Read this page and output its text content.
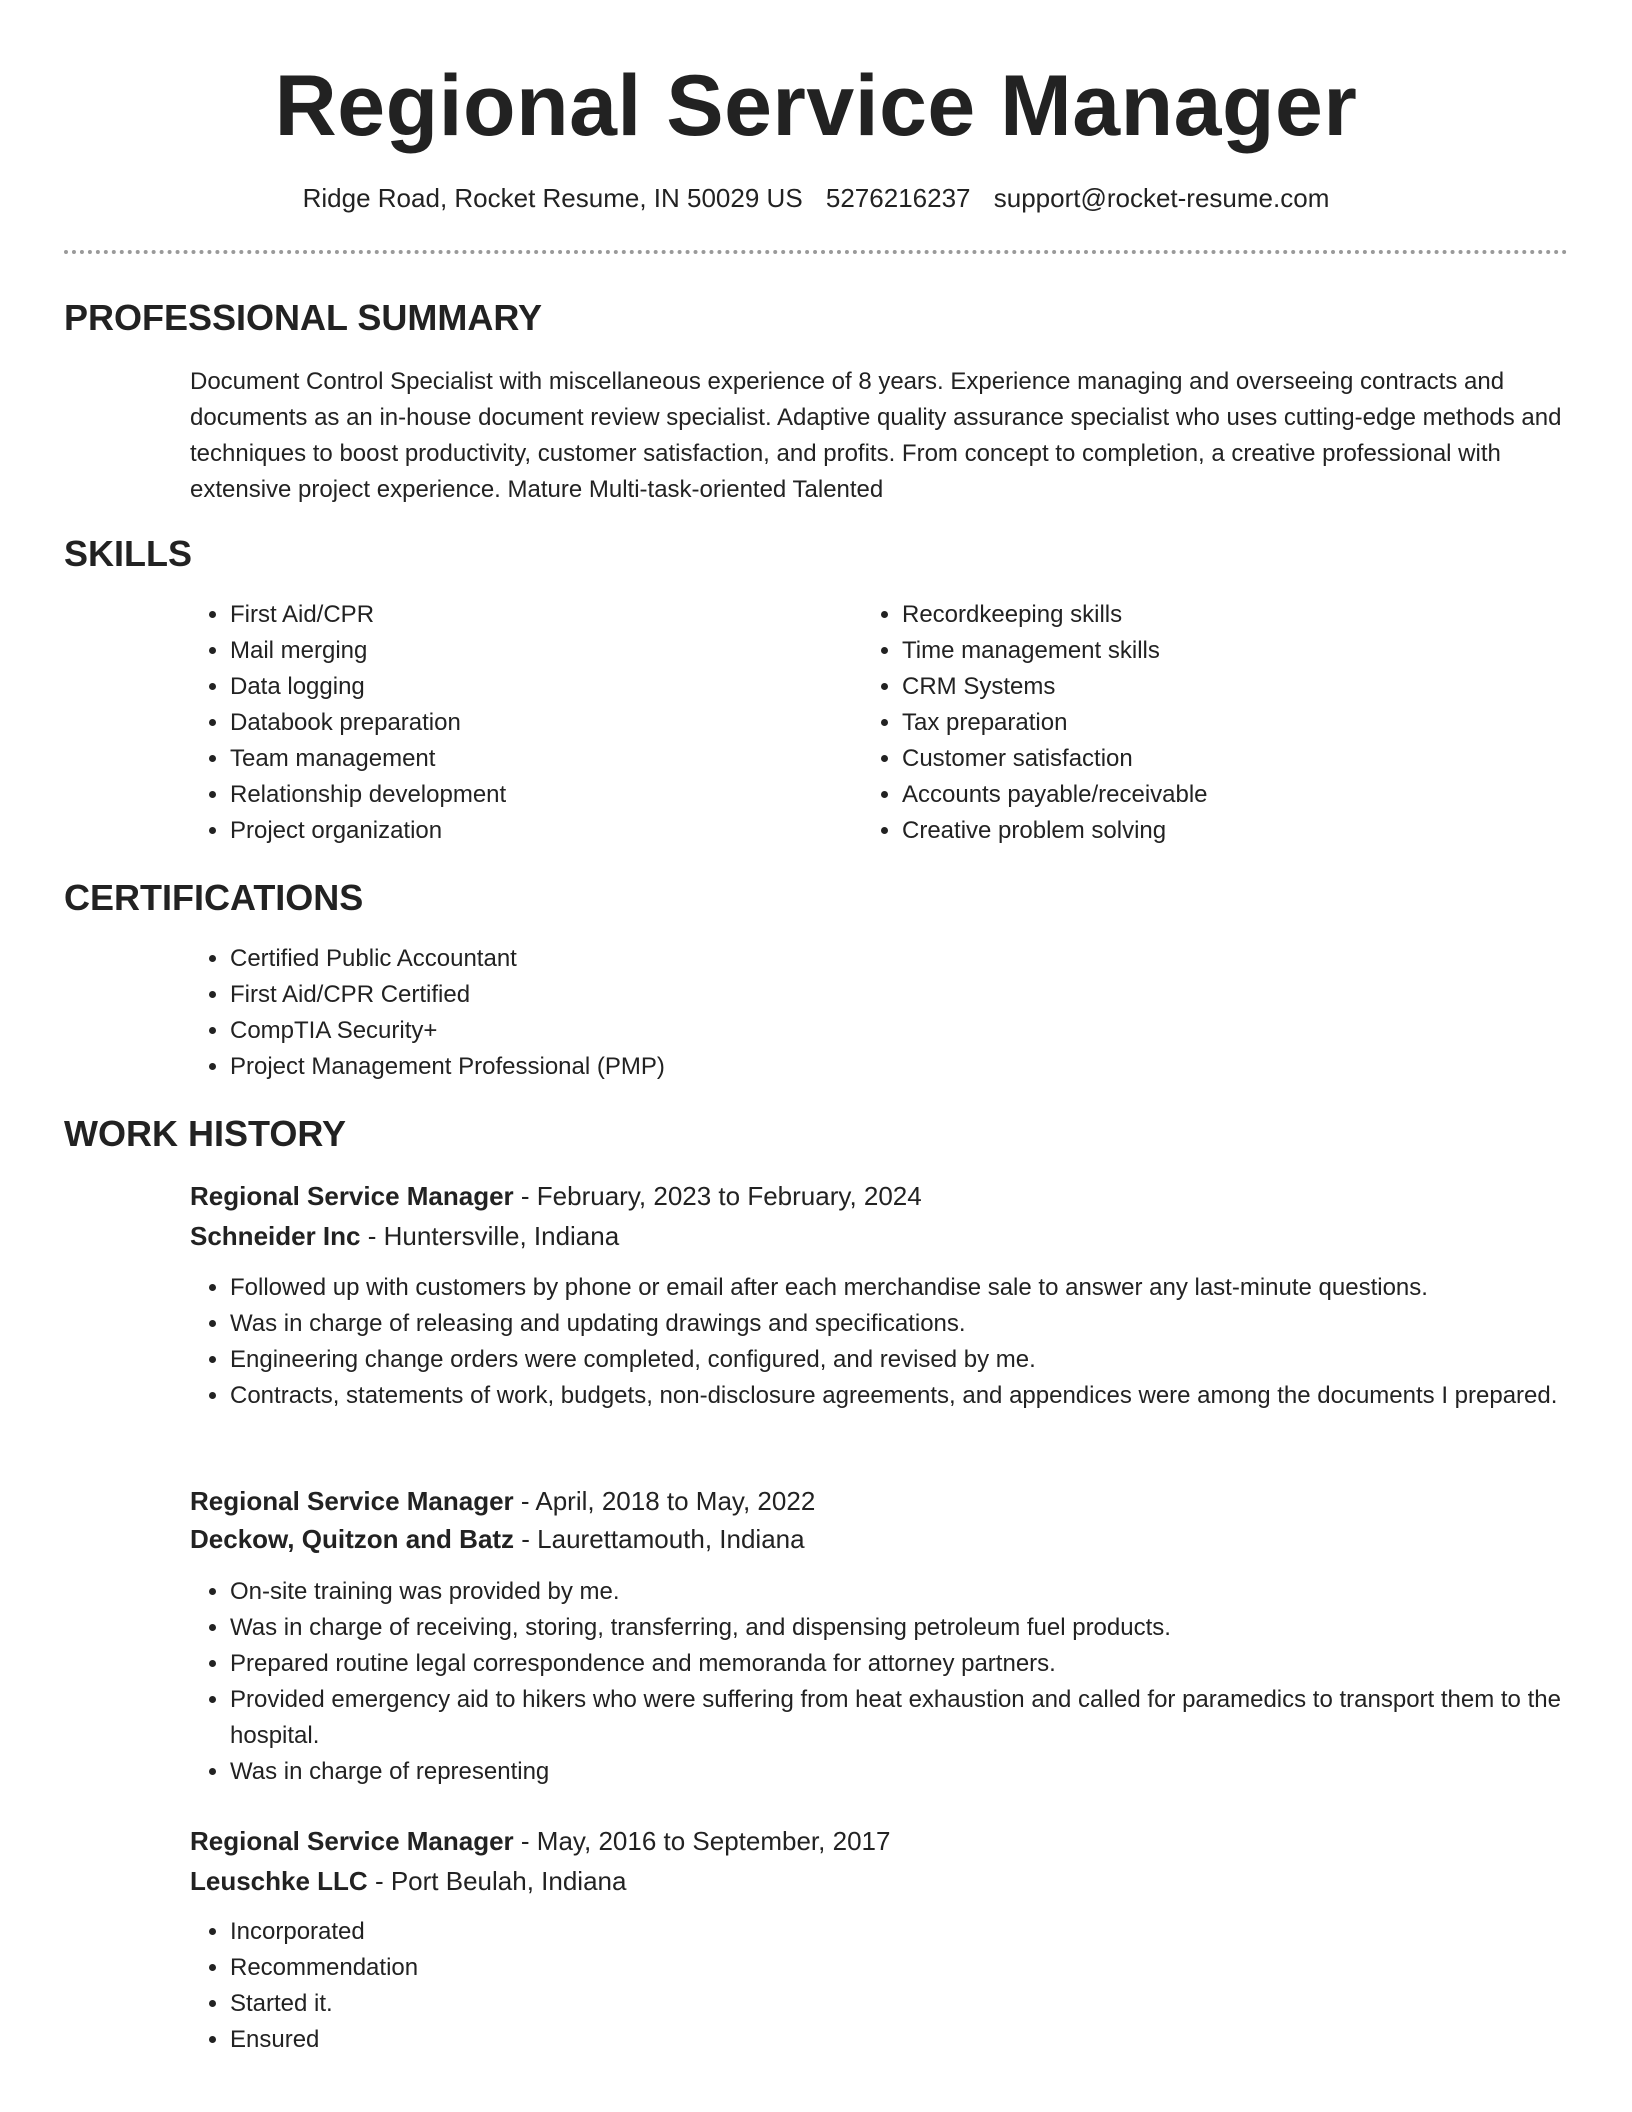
Regional Service Manager
Ridge Road, Rocket Resume, IN 50029 US 5276216237 support@rocket-resume.com
PROFESSIONAL SUMMARY

Document Control Specialist with miscellaneous experience of 8 years. Experience managing and overseeing contracts and documents as an in-house document review specialist. Adaptive quality assurance specialist who uses cutting-edge methods and techniques to boost productivity, customer satisfaction, and profits. From concept to completion, a creative professional with extensive project experience. Mature Multi-task-oriented Talented

SKILLS
• First Aid/CPR
• Mail merging
• Data logging
• Databook preparation
• Team management
• Relationship development
• Project organization
• Recordkeeping skills
• Time management skills
• CRM Systems
• Tax preparation
• Customer satisfaction
• Accounts payable/receivable
• Creative problem solving
CERTIFICATIONS
• Certified Public Accountant
• First Aid/CPR Certified
• CompTIA Security+
• Project Management Professional (PMP)
WORK HISTORY
Regional Service Manager - February, 2023 to February, 2024
Schneider Inc - Huntersville, Indiana
• Followed up with customers by phone or email after each merchandise sale to answer any last-minute questions.
• Was in charge of releasing and updating drawings and specifications.
• Engineering change orders were completed, configured, and revised by me.
• Contracts, statements of work, budgets, non-disclosure agreements, and appendices were among the documents I prepared.
Regional Service Manager - April, 2018 to May, 2022
Deckow, Quitzon and Batz - Laurettamouth, Indiana
• On-site training was provided by me.
• Was in charge of receiving, storing, transferring, and dispensing petroleum fuel products.
• Prepared routine legal correspondence and memoranda for attorney partners.
• Provided emergency aid to hikers who were suffering from heat exhaustion and called for paramedics to transport them to the hospital.
• Was in charge of representing
Regional Service Manager - May, 2016 to September, 2017
Leuschke LLC - Port Beulah, Indiana
• Incorporated
• Recommendation
• Started it.
• Ensured
